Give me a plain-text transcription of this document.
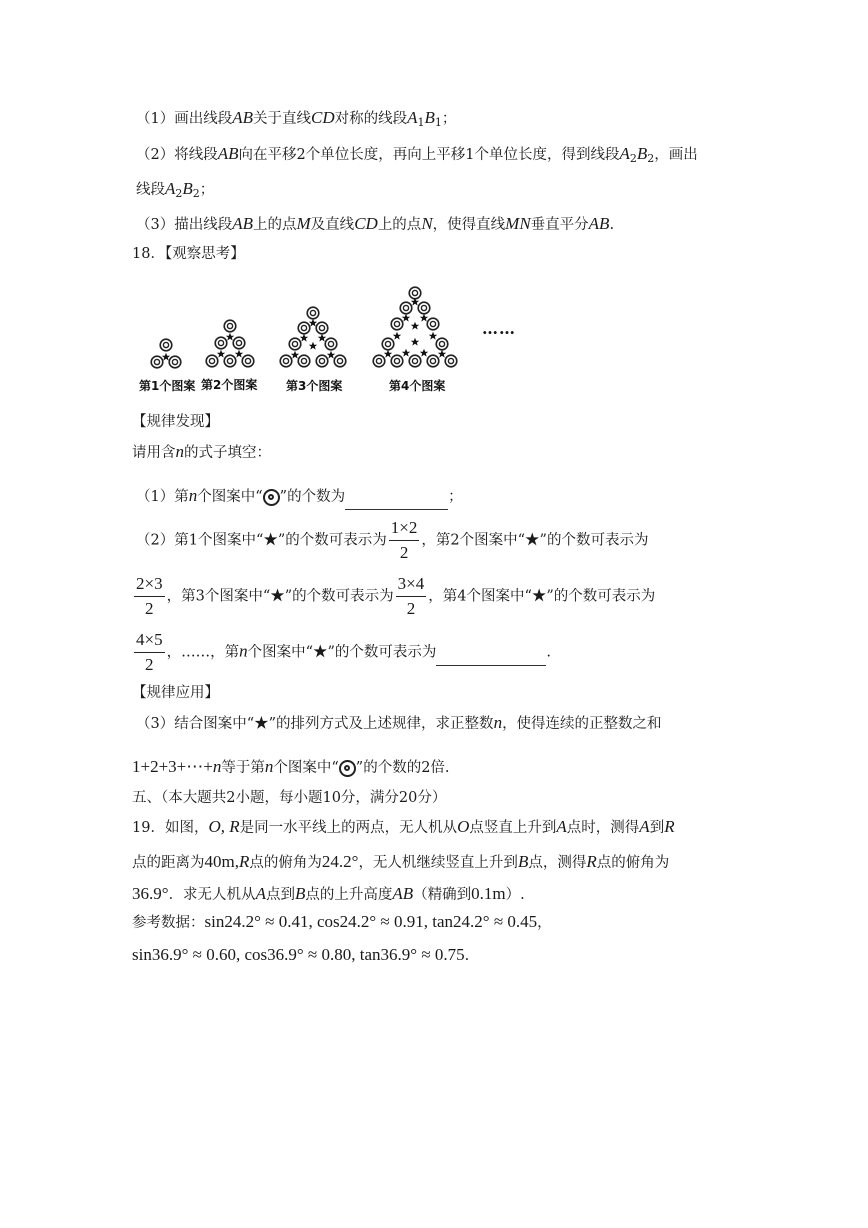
（1）画出线段AB关于直线CD对称的线段$A_1B_1$；
（2）将线段AB向在平移2个单位长度，再向上平移1个单位长度，得到线段$A_2B_2$，画出
线段$A_2B_2$；
（3）描出线段AB上的点M及直线CD上的点N，使得直线MN垂直平分AB.
18．【观察思考】
……
第1个图案 第2个图案 第3个图案	第4个图案
【规律发现】
请用含n的式子填空：
（1）第n个图案中“ ”的个数为	；
（2）第1个图案中“★”的个数可表示为 $\frac{1\times 2}{2}$ ，第2个图案中“★”的个数可表示为
$\frac{2\times 3}{2}$ ，第3个图案中“★”的个数可表示为 $\frac{3\times 4}{2}$ ，第4个图案中“★”的个数可表示为
$\frac{4\times 5}{2}$ ，……，第n个图案中“★”的个数可表示为	.
【规律应用】
（3）结合图案中“★”的排列方式及上述规律，求正整数n，使得连续的正整数之和
1+2+3+⋯+n等于第n个图案中“ ”的个数的2倍.
五、（本大题共2小题，每小题10分，满分20分）
19．如图，O, R是同一水平线上的两点，无人机从O点竖直上升到A点时，测得A到R
点的距离为40m,R点的俯角为24.2°，无人机继续竖直上升到B点，测得R点的俯角为
36.9°．求无人机从A点到B点的上升高度AB（精确到0.1m）.
参考数据：sin24.2° ≈ 0.41, cos24.2° ≈ 0.91, tan24.2° ≈ 0.45，
sin36.9° ≈ 0.60, cos36.9° ≈ 0.80, tan36.9° ≈ 0.75.
